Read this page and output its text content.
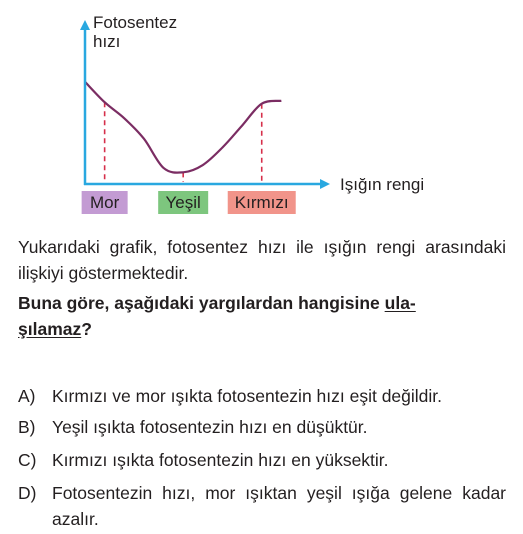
Fotosentez
hızı
Işığın rengi
Mor	Yeşil Kırmızı
Yukarıdaki grafik, fotosentez hızı ile ışığın rengi arasındaki ilişkiyi göstermektedir.
Buna göre, aşağıdaki yargılardan hangisine ula-
şılamaz?
A) Kırmızı ve mor ışıkta fotosentezin hızı eşit değildir.
B) Yeşil ışıkta fotosentezin hızı en düşüktür.
C) Kırmızı ışıkta fotosentezin hızı en yüksektir.
D) Fotosentezin hızı, mor ışıktan yeşil ışığa gelene kadar azalır.
